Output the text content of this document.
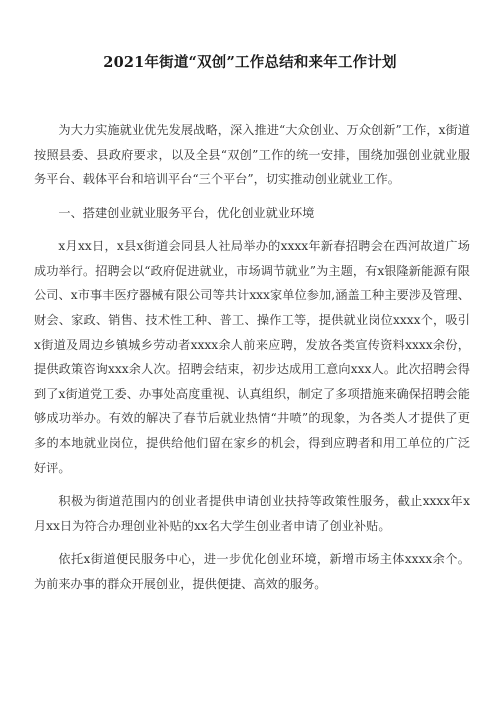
2021年街道“双创”工作总结和来年工作计划

为大力实施就业优先发展战略，深入推进“大众创业、万众创新”工作，x街道按照县委、县政府要求，以及全县“双创”工作的统一安排，围绕加强创业就业服务平台、载体平台和培训平台“三个平台”，切实推动创业就业工作。

一、搭建创业就业服务平台，优化创业就业环境

x月xx日，x县x街道会同县人社局举办的xxxx年新春招聘会在西河故道广场成功举行。招聘会以“政府促进就业，市场调节就业”为主题，有x银隆新能源有限公司、x市事丰医疗器械有限公司等共计xxx家单位参加,涵盖工种主要涉及管理、财会、家政、销售、技术性工种、普工、操作工等，提供就业岗位xxxx个，吸引x街道及周边乡镇城乡劳动者xxxx余人前来应聘，发放各类宣传资料xxxx余份，提供政策咨询xxx余人次。招聘会结束，初步达成用工意向xxx人。此次招聘会得到了x街道党工委、办事处高度重视、认真组织，制定了多项措施来确保招聘会能够成功举办。有效的解决了春节后就业热情“井喷”的现象，为各类人才提供了更多的本地就业岗位，提供给他们留在家乡的机会，得到应聘者和用工单位的广泛好评。

积极为街道范围内的创业者提供申请创业扶持等政策性服务，截止xxxx年x月xx日为符合办理创业补贴的xx名大学生创业者申请了创业补贴。

依托x街道便民服务中心，进一步优化创业环境，新增市场主体xxxx余个。为前来办事的群众开展创业，提供便捷、高效的服务。
